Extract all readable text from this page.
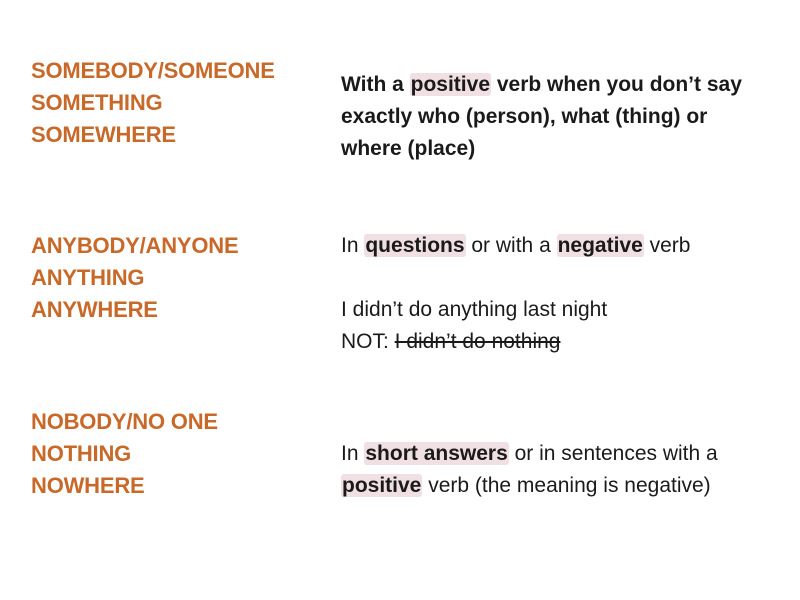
SOMEBODY/SOMEONE
SOMETHING
SOMEWHERE
With a positive verb when you don’t say
exactly who (person), what (thing) or
where (place)
ANYBODY/ANYONE
ANYTHING
ANYWHERE
In questions or with a negative verb
I didn’t do anything last night
NOT: I didn’t do nothing
NOBODY/NO ONE
NOTHING
NOWHERE
In short answers or in sentences with a
positive verb (the meaning is negative)
